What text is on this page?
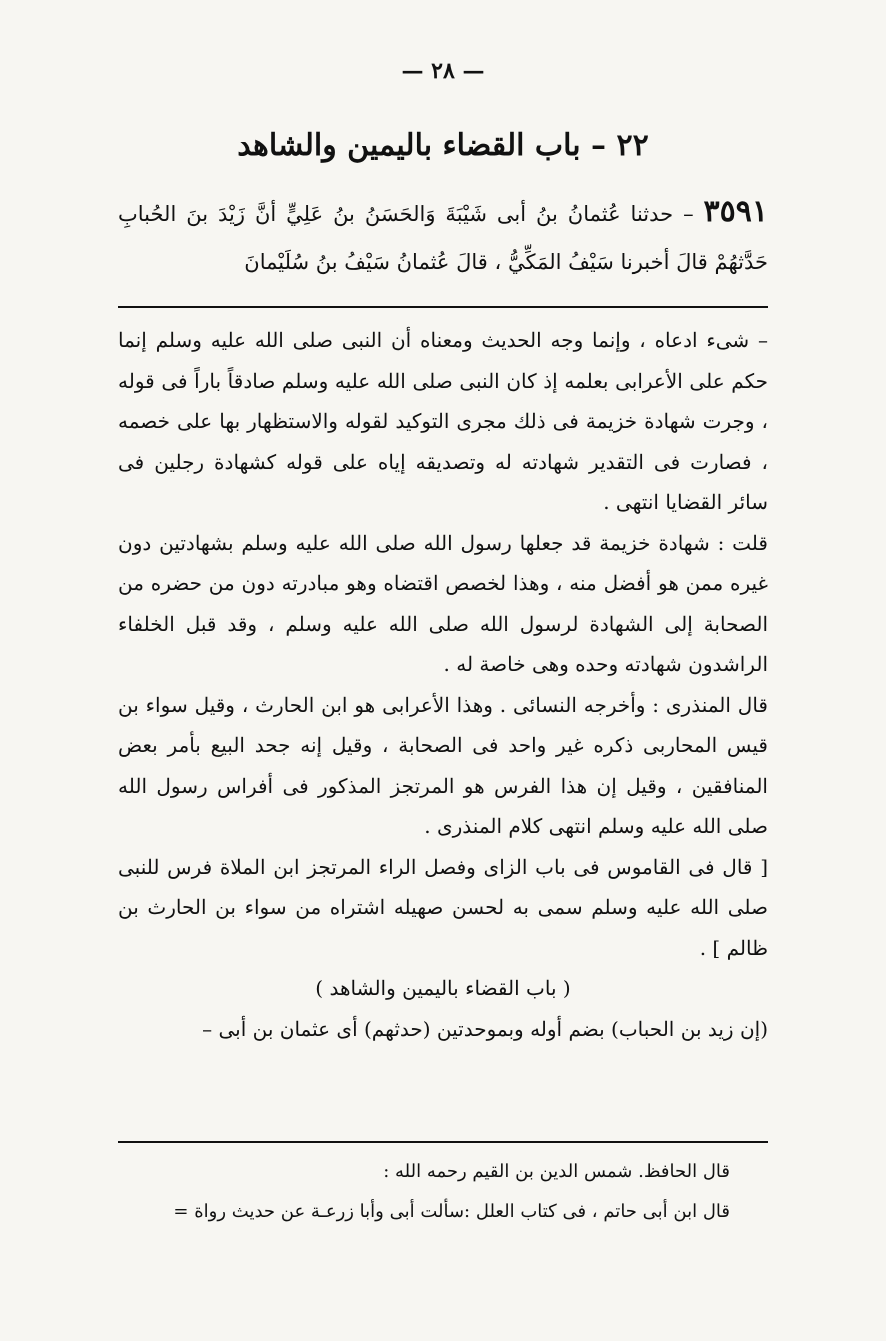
— ٢٨ —
٢٢ – باب القضاء باليمين والشاهد
٣٥٩١ – حدثنا عُثمانُ بنُ أبى شَيْبَةَ وَالحَسَنُ بنُ عَلِيٍّ أنَّ زَيْدَ بنَ الحُبابِ حَدَّثهُمْ قالَ أخبرنا سَيْفُ المَكِّيُّ ، قالَ عُثمانُ سَيْفُ بنُ سُلَيْمانَ

– شىء ادعاه ، وإنما وجه الحديث ومعناه أن النبى صلى الله عليه وسلم إنما حكم على الأعرابى بعلمه إذ كان النبى صلى الله عليه وسلم صادقاً باراً فى قوله ، وجرت شهادة خزيمة فى ذلك مجرى التوكيد لقوله والاستظهار بها على خصمه ، فصارت فى التقدير شهادته له وتصديقه إياه على قوله كشهادة رجلين فى سائر القضايا انتهى .

قلت : شهادة خزيمة قد جعلها رسول الله صلى الله عليه وسلم بشهادتين دون غيره ممن هو أفضل منه ، وهذا لخصص اقتضاه وهو مبادرته دون من حضره من الصحابة إلى الشهادة لرسول الله صلى الله عليه وسلم ، وقد قبل الخلفاء الراشدون شهادته وحده وهى خاصة له .

قال المنذرى : وأخرجه النسائى . وهذا الأعرابى هو ابن الحارث ، وقيل سواء بن قيس المحاربى ذكره غير واحد فى الصحابة ، وقيل إنه جحد البيع بأمر بعض المنافقين ، وقيل إن هذا الفرس هو المرتجز المذكور فى أفراس رسول الله صلى الله عليه وسلم انتهى كلام المنذرى .

[ قال فى القاموس فى باب الزاى وفصل الراء المرتجز ابن الملاة فرس للنبى صلى الله عليه وسلم سمى به لحسن صهيله اشتراه من سواء بن الحارث بن ظالم ] .

( باب القضاء باليمين والشاهد )

(إن زيد بن الحباب) بضم أوله وبموحدتين (حدثهم) أى عثمان بن أبى –

قال الحافظ. شمس الدين بن القيم رحمه الله :

قال ابن أبى حاتم ، فى كتاب العلل :سألت أبى وأبا زرعـة عن حديث رواة =
